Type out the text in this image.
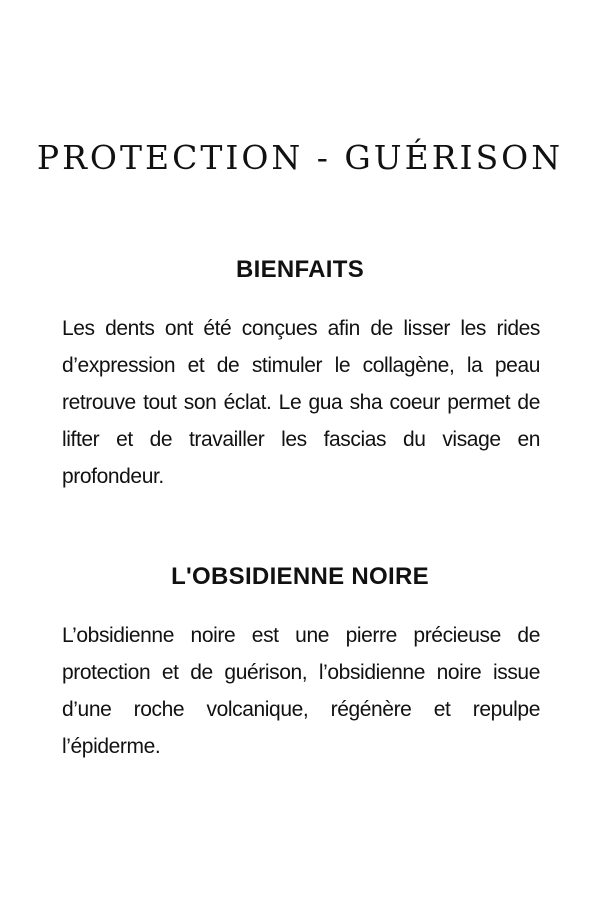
PROTECTION - GUÉRISON
BIENFAITS

Les dents ont été conçues afin de lisser les rides d’expression et de stimuler le collagène, la peau retrouve tout son éclat. Le gua sha coeur permet de lifter et de travailler les fascias du visage en profondeur.

L'OBSIDIENNE NOIRE

L’obsidienne noire est une pierre précieuse de protection et de guérison, l’obsidienne noire issue d’une roche volcanique, régénère et repulpe l’épiderme.
